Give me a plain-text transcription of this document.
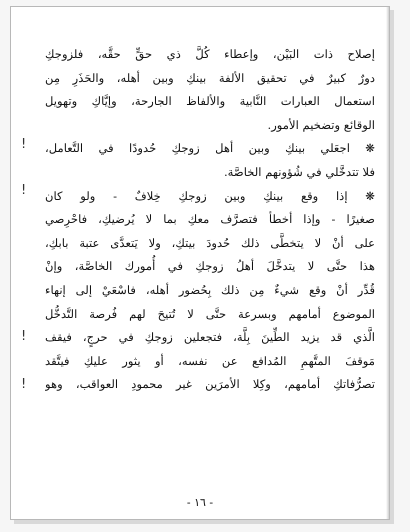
!
!
!
!

إصلاح ذات البَيْن، وإعطاء كُلَّ ذي حقٍّ حقَّه، فلزوجكِ
دورٌ كبيرٌ في تحقيق الألفة بينكِ وبين أهله، والحَذَرِ مِن
استعمال العبارات النَّابية والألفاظ الجارحة، وإيَّاكِ وتهويل
الوقائع وتضخيم الأمور.

❋ اجعَلي بينكِ وبين أهل زوجكِ حُدودًا في التَّعامل،
فلا تتدخَّلي في شُؤونهم الخاصَّة.

❋ إذا وقع بينكِ وبين زوجكِ خِلافٌ - ولو كان
صغيرًا - وإذا أخطأ فتصرَّف معكِ بما لا يُرضيكِ، فاحْرِصي
على أنْ لا يتخطَّى ذلك حُدودَ بيتكِ، ولا يَتعدَّى عتبة بابكِ،
هذا حتَّى لا يتدخَّلَ أهلُ زوجكِ في أُمورك الخاصَّة، وإنْ
قُدِّر أنْ وقع شيءٌ مِن ذلك بِحُضور أهله، فاسْعَيْ إلى إنهاء
الموضوع أمامهم وبسرعة حتَّى لا تُتيحَ لهم فُرصة التَّدخُّل
الَّذي قد يزيد الطِّينَ بِلَّة، فتجعلين زوجكِ في حرجٍ، فيقف
مَوقفَ المتَّهمِ المُدافع عن نفسه، أو يثور عليكِ فيتَّقد
تصرُّفاتكِ أمامهم، وكِلا الأمرَين غير محمودِ العواقب، وهو

- ١٦ -
